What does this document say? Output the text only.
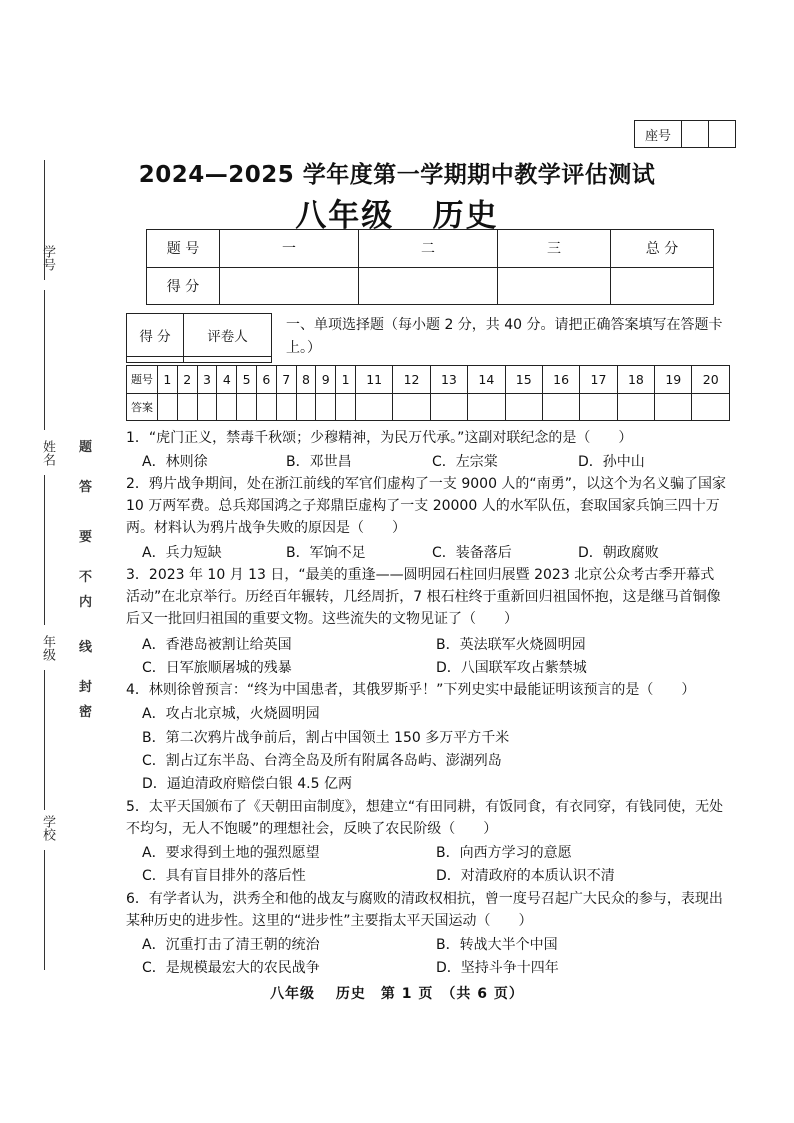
座号
2024—2025 学年度第一学期期中教学评估测试
八年级   历史
学号
姓名
年级
学校
题
答
要
不
内
线
封
密
题 号	一	二	三	总 分
得 分				
得 分	评卷人

一、单项选择题（每小题 2 分，共 40 分。请把正确答案填写在答题卡上。）
题号	1	2	3	4	5	6	7	8	9	1	11	12	13	14	15	16	17	18	19	20
答案																				
1．“虎门正义，禁毒千秋颂；少穆精神，为民万代承。”这副对联纪念的是（　　）
A．林则徐	B．邓世昌	C．左宗棠	D．孙中山
2．鸦片战争期间，处在浙江前线的军官们虚构了一支 9000 人的“南勇”，以这个为名义骗了国家 10 万两军费。总兵郑国鸿之子郑鼎臣虚构了一支 20000 人的水军队伍，套取国家兵饷三四十万两。材料认为鸦片战争失败的原因是（　　）
A．兵力短缺	B．军饷不足	C．装备落后	D．朝政腐败
3．2023 年 10 月 13 日，“最美的重逢——圆明园石柱回归展暨 2023 北京公众考古季开幕式活动”在北京举行。历经百年辗转，几经周折，7 根石柱终于重新回归祖国怀抱，这是继马首铜像后又一批回归祖国的重要文物。这些流失的文物见证了（　　）
A．香港岛被割让给英国	B．英法联军火烧圆明园
C．日军旅顺屠城的残暴	D．八国联军攻占紫禁城
4．林则徐曾预言：“终为中国患者，其俄罗斯乎！”下列史实中最能证明该预言的是（　　）
A．攻占北京城，火烧圆明园
B．第二次鸦片战争前后，割占中国领土 150 多万平方千米
C．割占辽东半岛、台湾全岛及所有附属各岛屿、澎湖列岛
D．逼迫清政府赔偿白银 4.5 亿两
5．太平天国颁布了《天朝田亩制度》，想建立“有田同耕，有饭同食，有衣同穿，有钱同使，无处不均匀，无人不饱暖”的理想社会，反映了农民阶级（　　）
A．要求得到土地的强烈愿望	B．向西方学习的意愿
C．具有盲目排外的落后性	D．对清政府的本质认识不清
6．有学者认为，洪秀全和他的战友与腐败的清政权相抗，曾一度号召起广大民众的参与，表现出某种历史的进步性。这里的“进步性”主要指太平天国运动（　　）
A．沉重打击了清王朝的统治	B．转战大半个中国
C．是规模最宏大的农民战争	D．坚持斗争十四年
八年级　 历史　第 1 页　（共 6 页）
